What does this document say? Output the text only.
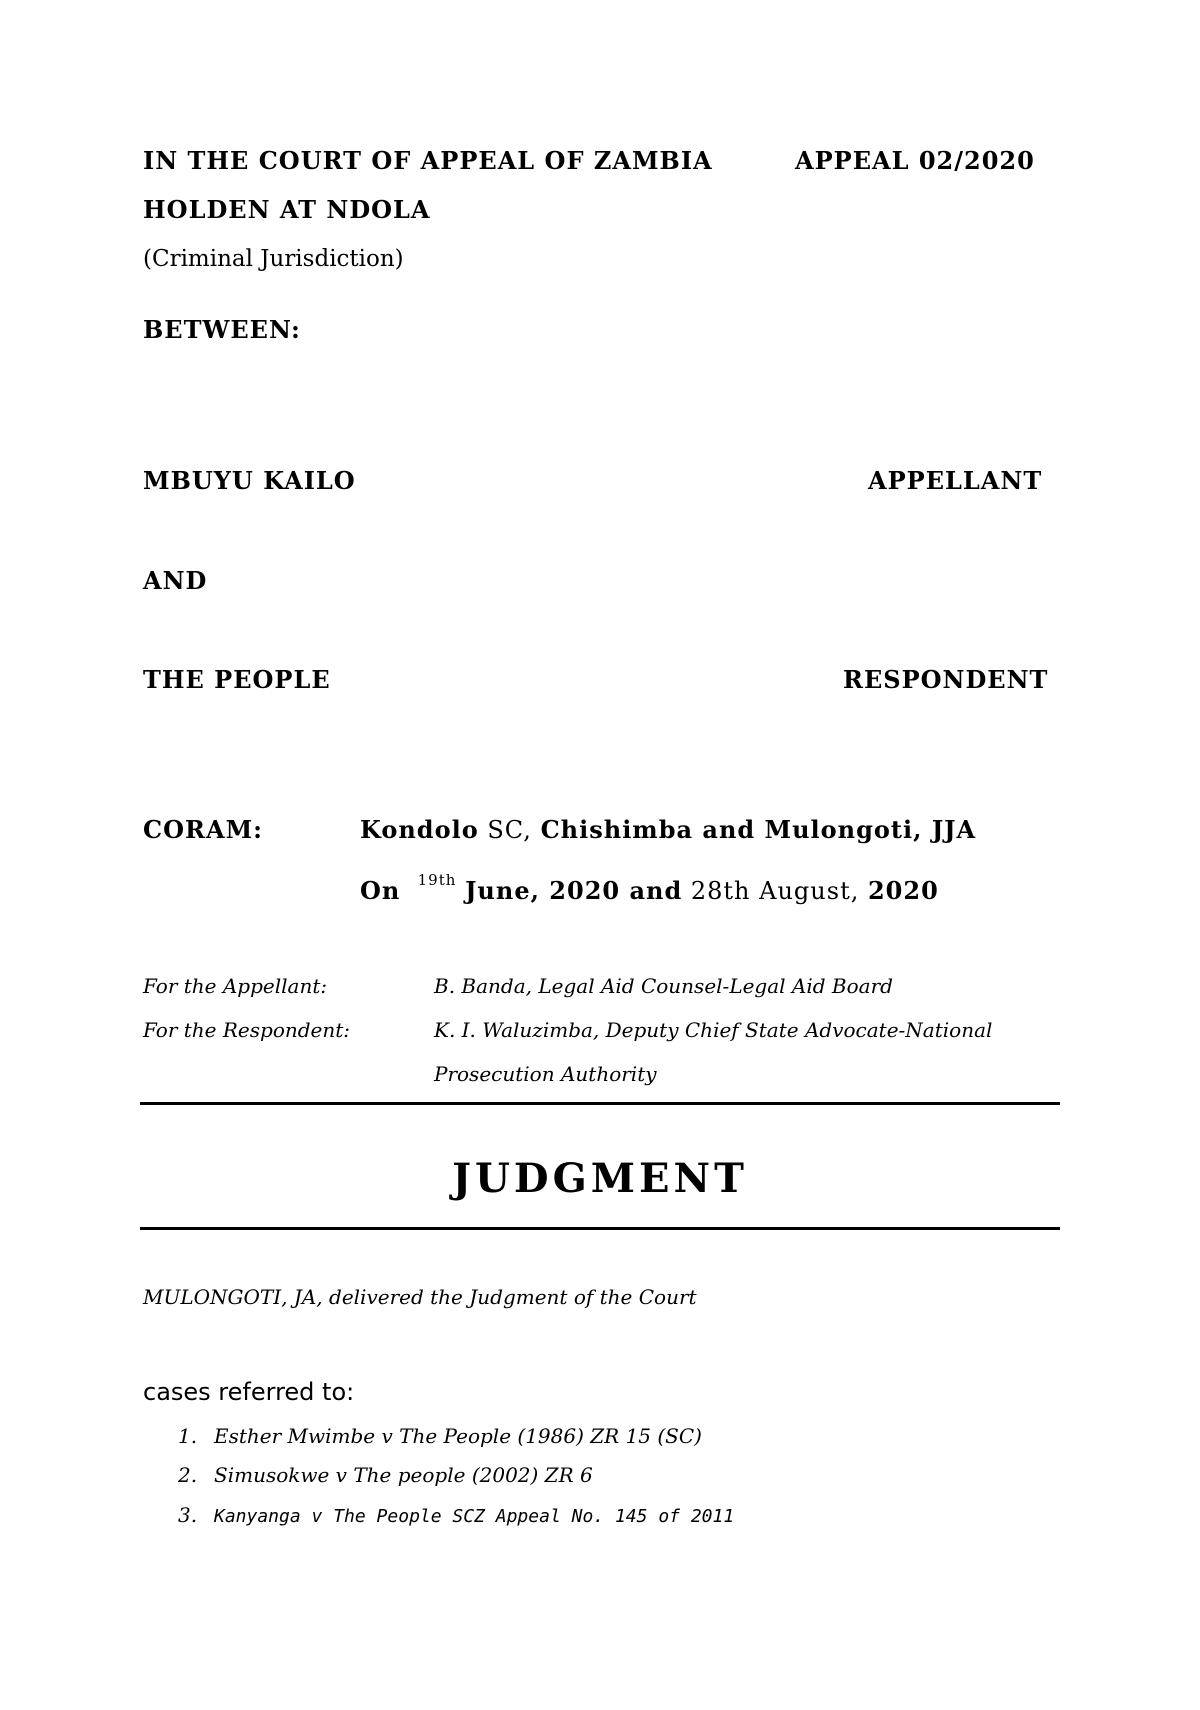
IN THE COURT OF APPEAL OF ZAMBIA	APPEAL 02/2020
HOLDEN AT NDOLA
(Criminal Jurisdiction)
BETWEEN:
MBUYU KAILO	APPELLANT
AND
THE PEOPLE	RESPONDENT
CORAM:	Kondolo SC, Chishimba and Mulongoti, JJA
On $^{19th}$ June, 2020 and 28th August, 2020
For the Appellant:	B. Banda, Legal Aid Counsel-Legal Aid Board
For the Respondent:	K. I. Waluzimba, Deputy Chief State Advocate-National
Prosecution Authority
JUDGMENT
MULONGOTI, JA, delivered the Judgment of the Court
cases referred to:
1. Esther Mwimbe v The People (1986) ZR 15 (SC)
2. Simusokwe v The people (2002) ZR 6
3. Kanyanga v The People SCZ Appeal No. 145 of 2011
